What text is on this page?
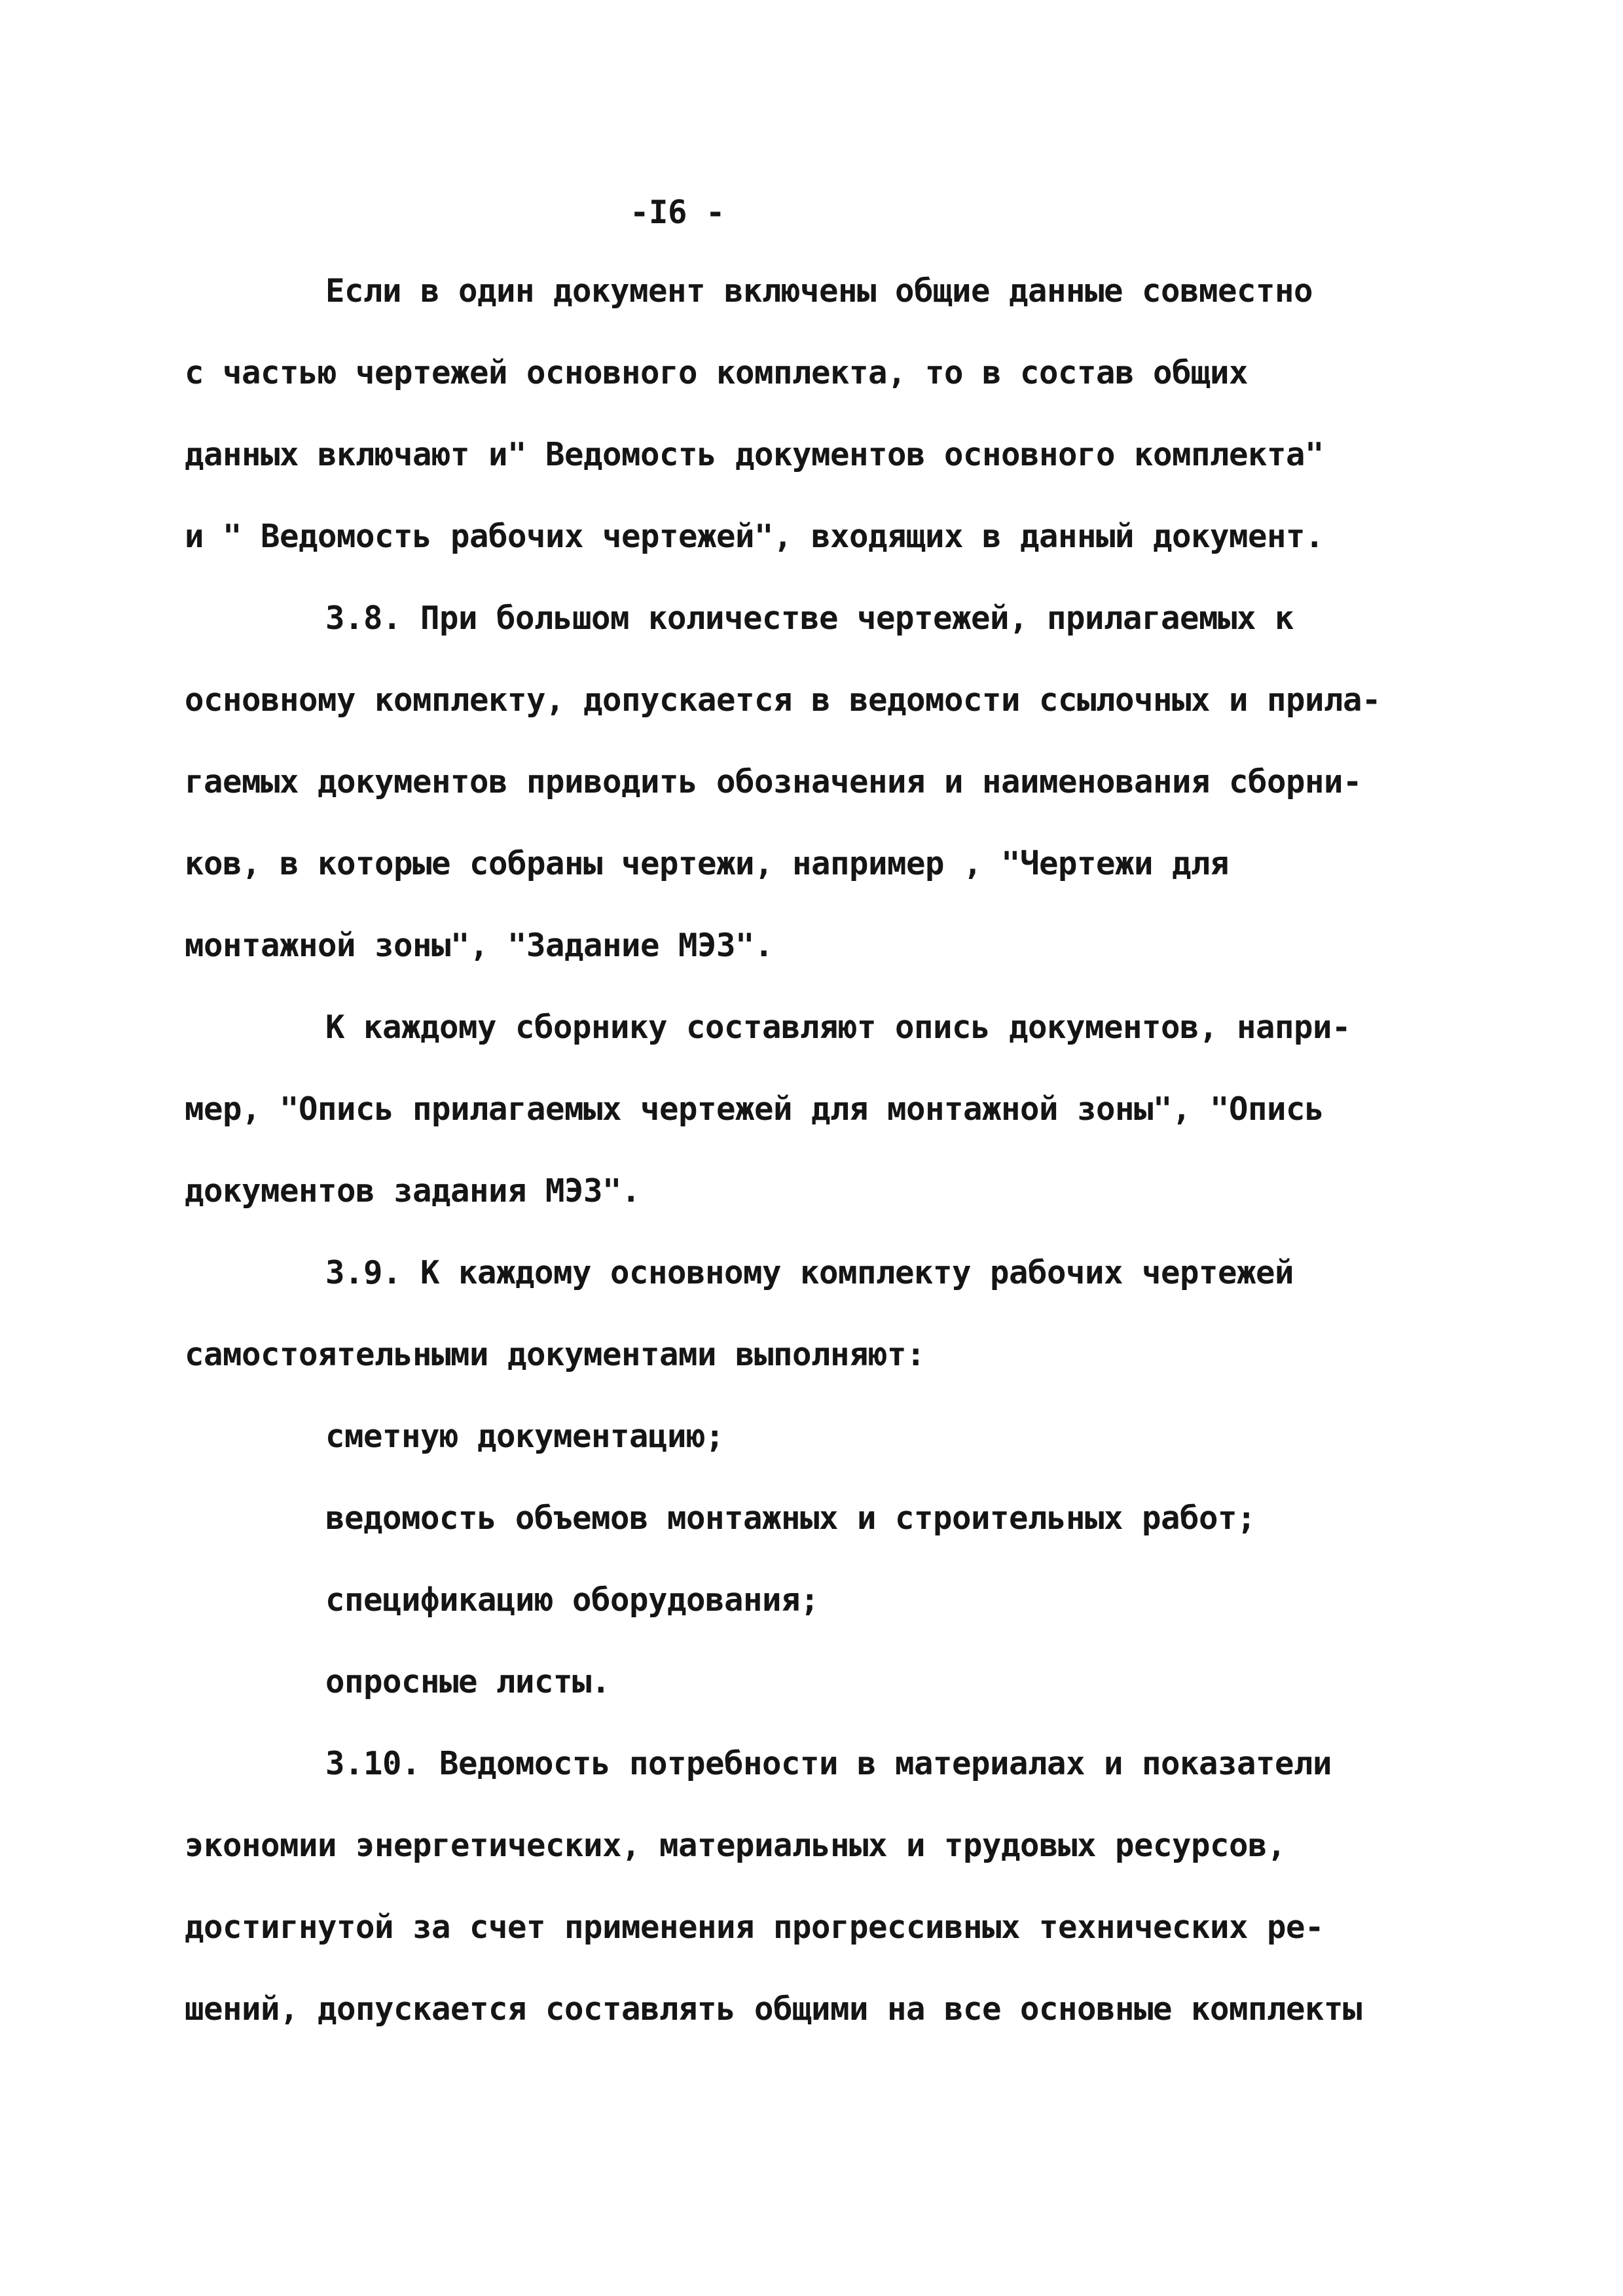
-I6 -
Если в один документ включены общие данные совместно
с частью чертежей основного комплекта, то в состав общих
данных включают и" Ведомость документов основного комплекта"
и " Ведомость рабочих чертежей", входящих в данный документ.
3.8. При большом количестве чертежей, прилагаемых к
основному комплекту, допускается в ведомости ссылочных и прила-
гаемых документов приводить обозначения и наименования сборни-
ков, в которые собраны чертежи, например , "Чертежи для
монтажной зоны", "Задание МЭЗ".
К каждому сборнику составляют опись документов, напри-
мер, "Опись прилагаемых чертежей для монтажной зоны", "Опись
документов задания МЭЗ".
3.9. К каждому основному комплекту рабочих чертежей
самостоятельными документами выполняют:
сметную документацию;
ведомость объемов монтажных и строительных работ;
спецификацию оборудования;
опросные листы.
3.10. Ведомость потребности в материалах и показатели
экономии энергетических, материальных и трудовых ресурсов,
достигнутой за счет применения прогрессивных технических ре-
шений, допускается составлять общими на все основные комплекты
